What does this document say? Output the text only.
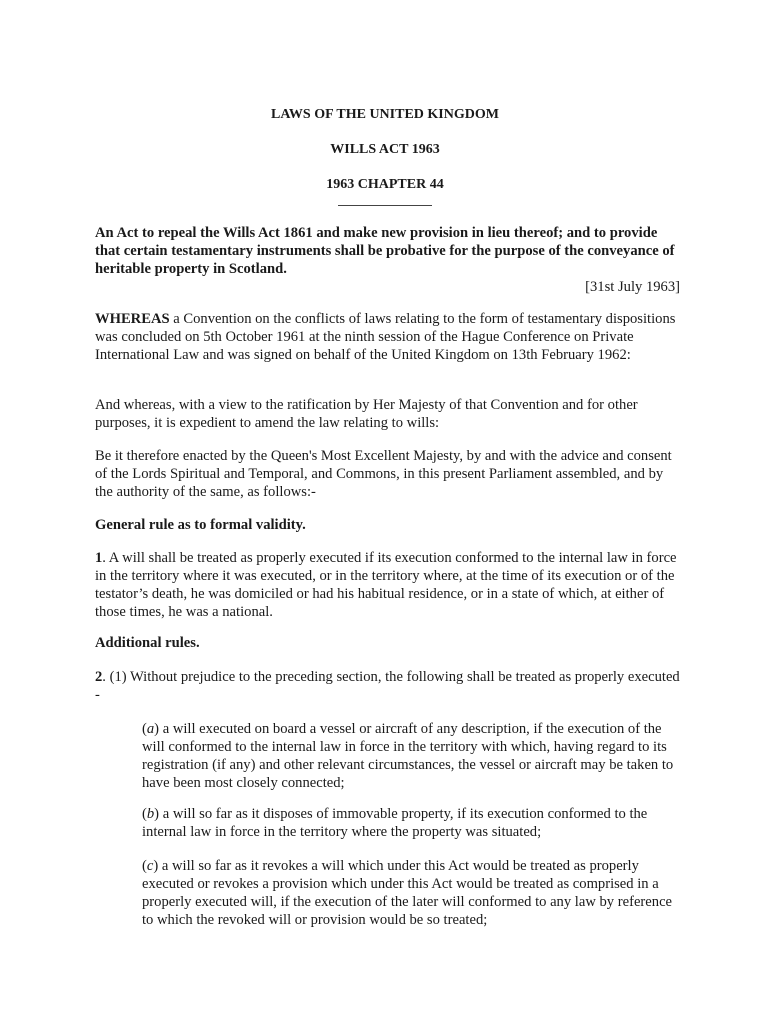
LAWS OF THE UNITED KINGDOM
WILLS ACT 1963
1963 CHAPTER 44

An Act to repeal the Wills Act 1861 and make new provision in lieu thereof; and to provide that certain testamentary instruments shall be probative for the purpose of the conveyance of heritable property in Scotland.

[31st July 1963]

WHEREAS a Convention on the conflicts of laws relating to the form of testamentary dispositions was concluded on 5th October 1961 at the ninth session of the Hague Conference on Private International Law and was signed on behalf of the United Kingdom on 13th February 1962:

And whereas, with a view to the ratification by Her Majesty of that Convention and for other purposes, it is expedient to amend the law relating to wills:

Be it therefore enacted by the Queen's Most Excellent Majesty, by and with the advice and consent of the Lords Spiritual and Temporal, and Commons, in this present Parliament assembled, and by the authority of the same, as follows:-

General rule as to formal validity.

1. A will shall be treated as properly executed if its execution conformed to the internal law in force in the territory where it was executed, or in the territory where, at the time of its execution or of the testator’s death, he was domiciled or had his habitual residence, or in a state of which, at either of those times, he was a national.

Additional rules.

2. (1) Without prejudice to the preceding section, the following shall be treated as properly executed -

(a) a will executed on board a vessel or aircraft of any description, if the execution of the will conformed to the internal law in force in the territory with which, having regard to its registration (if any) and other relevant circumstances, the vessel or aircraft may be taken to have been most closely connected;

(b) a will so far as it disposes of immovable property, if its execution conformed to the internal law in force in the territory where the property was situated;

(c) a will so far as it revokes a will which under this Act would be treated as properly executed or revokes a provision which under this Act would be treated as comprised in a properly executed will, if the execution of the later will conformed to any law by reference to which the revoked will or provision would be so treated;
